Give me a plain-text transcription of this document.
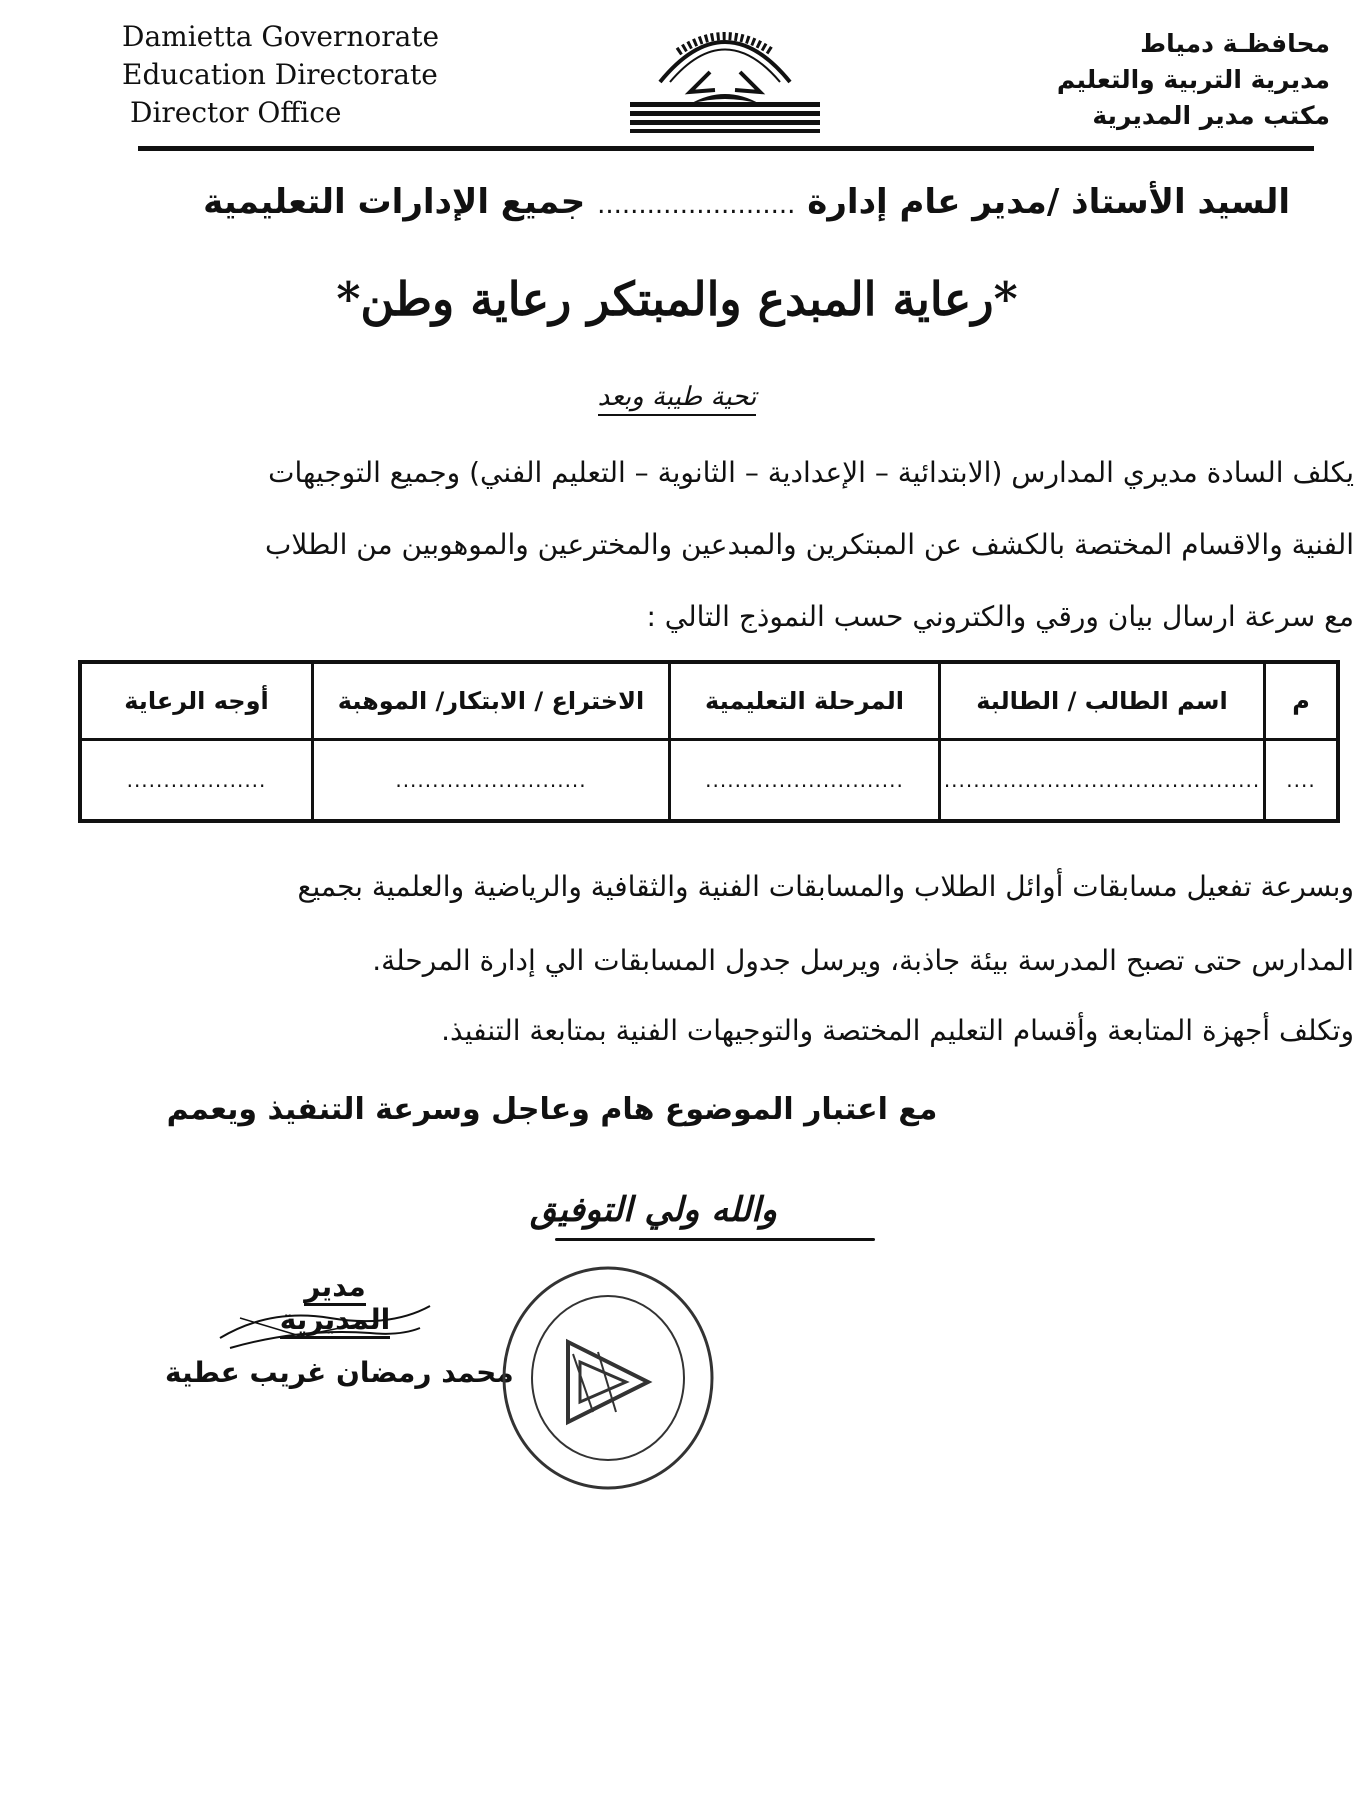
Damietta Governorate
Education Directorate
Director Office
محافظـة دمياط
مديرية التربية والتعليم
مكتب مدير المديرية
السيد الأستاذ /مدير عام إدارة ........................ جميع الإدارات التعليمية
*رعاية المبدع والمبتكر رعاية وطن*
تحية طيبة وبعد
يكلف السادة مديري المدارس (الابتدائية – الإعدادية – الثانوية – التعليم الفني) وجميع التوجيهات
الفنية والاقسام المختصة بالكشف عن المبتكرين والمبدعين والمخترعين والموهوبين من الطلاب
مع سرعة ارسال بيان ورقي والكتروني حسب النموذج التالي :
م	اسم الطالب / الطالبة	المرحلة التعليمية	الاختراع / الابتكار/ الموهبة	أوجه الرعاية
....	...........................................	...........................	..........................	...................
وبسرعة تفعيل مسابقات أوائل الطلاب والمسابقات الفنية والثقافية والرياضية والعلمية بجميع
المدارس حتى تصبح المدرسة بيئة جاذبة، ويرسل جدول المسابقات الي إدارة المرحلة.
وتكلف أجهزة المتابعة وأقسام التعليم المختصة والتوجيهات الفنية بمتابعة التنفيذ.
مع اعتبار الموضوع هام وعاجل وسرعة التنفيذ ويعمم
والله ولي التوفيق
مدير المديرية
محمد رمضان غريب عطية
